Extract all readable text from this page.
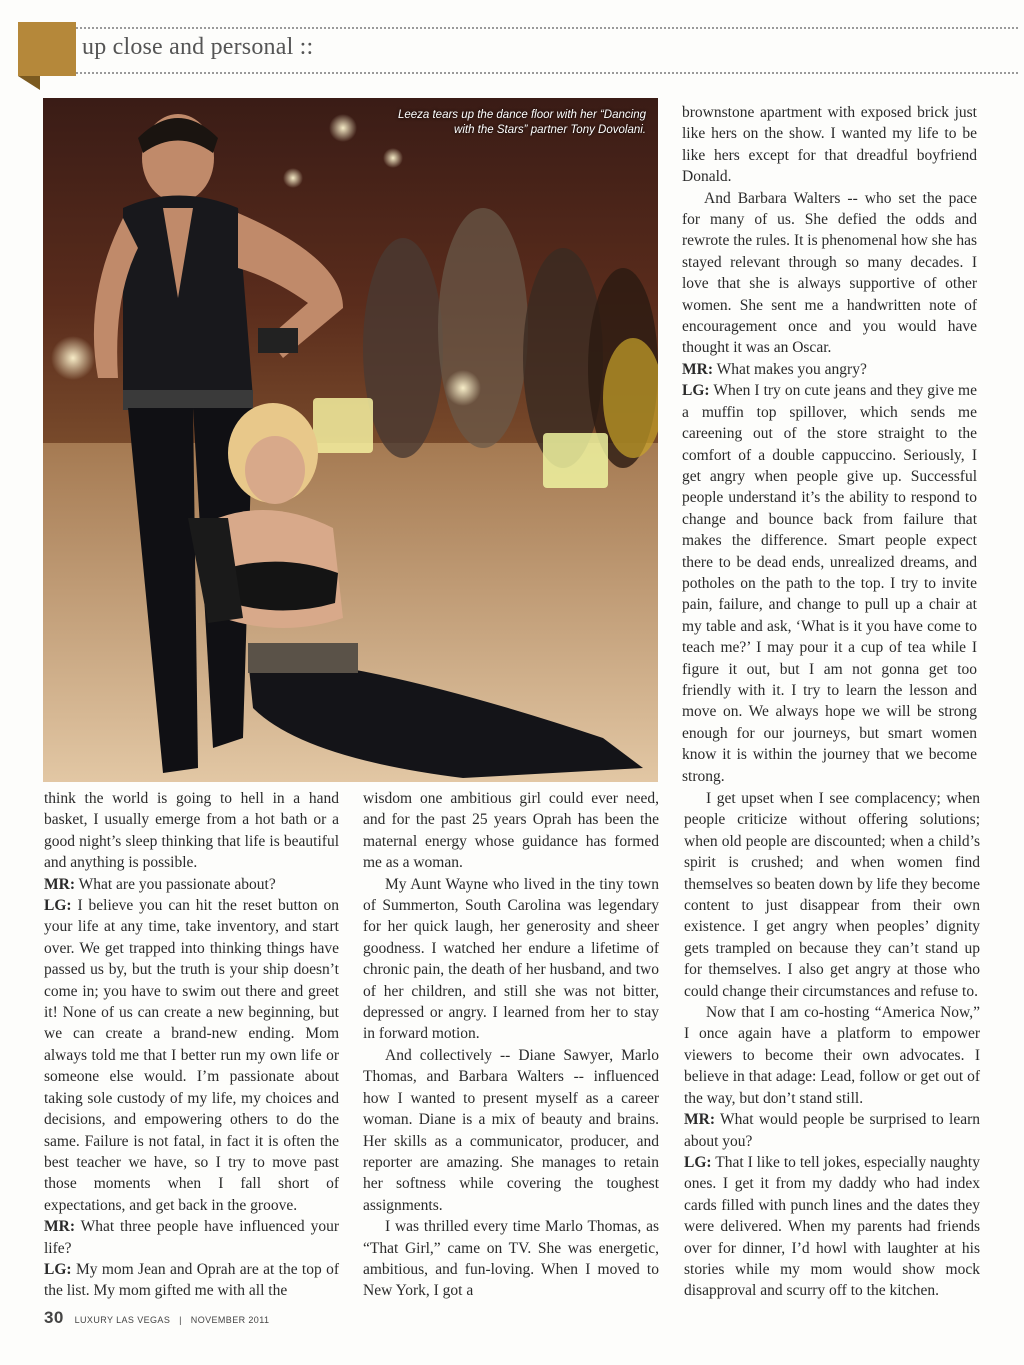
up close and personal ::
Leeza tears up the dance floor with her “Dancing with the Stars” partner Tony Dovolani.

brownstone apartment with exposed brick just like hers on the show. I wanted my life to be like hers except for that dreadful boyfriend Donald.

And Barbara Walters -- who set the pace for many of us. She defied the odds and rewrote the rules. It is phenomenal how she has stayed relevant through so many decades. I love that she is always supportive of other women. She sent me a handwritten note of encouragement once and you would have thought it was an Oscar.

MR: What makes you angry?

LG: When I try on cute jeans and they give me a muffin top spillover, which sends me careening out of the store straight to the comfort of a double cappuccino. Seriously, I get angry when people give up. Successful people understand it’s the ability to respond to change and bounce back from failure that makes the difference. Smart people expect there to be dead ends, unrealized dreams, and potholes on the path to the top. I try to invite pain, failure, and change to pull up a chair at my table and ask, ‘What is it you have come to teach me?’ I may pour it a cup of tea while I figure it out, but I am not gonna get too friendly with it. I try to learn the lesson and move on. We always hope we will be strong enough for our journeys, but smart women know it is within the journey that we become strong.

think the world is going to hell in a hand basket, I usually emerge from a hot bath or a good night’s sleep thinking that life is beautiful and anything is possible.

MR: What are you passionate about?

LG: I believe you can hit the reset button on your life at any time, take inventory, and start over. We get trapped into thinking things have passed us by, but the truth is your ship doesn’t come in; you have to swim out there and greet it! None of us can create a new beginning, but we can create a brand-new ending. Mom always told me that I better run my own life or someone else would. I’m passionate about taking sole custody of my life, my choices and decisions, and empowering others to do the same. Failure is not fatal, in fact it is often the best teacher we have, so I try to move past those moments when I fall short of expectations, and get back in the groove.

MR: What three people have influenced your life?

LG: My mom Jean and Oprah are at the top of the list. My mom gifted me with all the

wisdom one ambitious girl could ever need, and for the past 25 years Oprah has been the maternal energy whose guidance has formed me as a woman.

My Aunt Wayne who lived in the tiny town of Summerton, South Carolina was legendary for her quick laugh, her generosity and sheer goodness. I watched her endure a lifetime of chronic pain, the death of her husband, and two of her children, and still she was not bitter, depressed or angry. I learned from her to stay in forward motion.

And collectively -- Diane Sawyer, Marlo Thomas, and Barbara Walters -- influenced how I wanted to present myself as a career woman. Diane is a mix of beauty and brains. Her skills as a communicator, producer, and reporter are amazing. She manages to retain her softness while covering the toughest assignments.

I was thrilled every time Marlo Thomas, as “That Girl,” came on TV. She was energetic, ambitious, and fun-loving. When I moved to New York, I got a

I get upset when I see complacency; when people criticize without offering solutions; when old people are discounted; when a child’s spirit is crushed; and when women find themselves so beaten down by life they become content to just disappear from their own existence. I get angry when peoples’ dignity gets trampled on because they can’t stand up for themselves. I also get angry at those who could change their circumstances and refuse to.

Now that I am co-hosting “America Now,” I once again have a platform to empower viewers to become their own advocates. I believe in that adage: Lead, follow or get out of the way, but don’t stand still.

MR: What would people be surprised to learn about you?

LG: That I like to tell jokes, especially naughty ones. I get it from my daddy who had index cards filled with punch lines and the dates they were delivered. When my parents had friends over for dinner, I’d howl with laughter at his stories while my mom would show mock disapproval and scurry off to the kitchen.

30 LUXURY LAS VEGAS | NOVEMBER 2011
